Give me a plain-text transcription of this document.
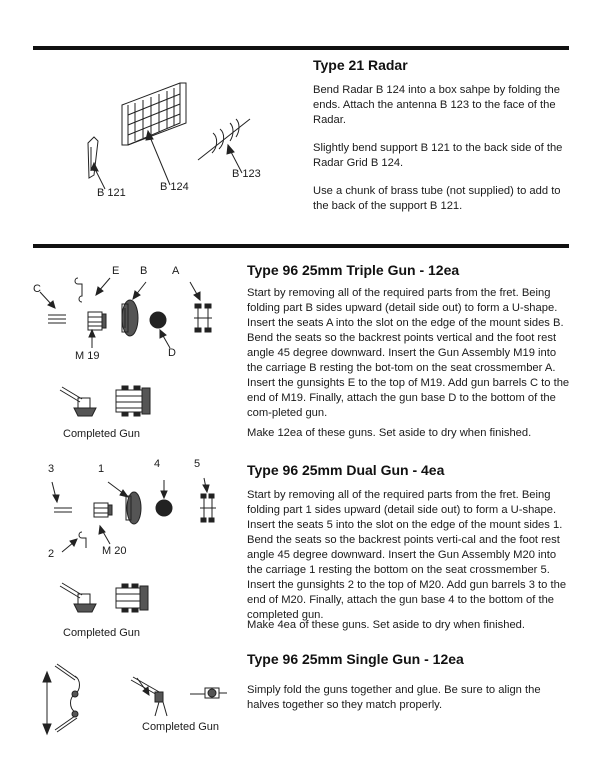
Type 21 Radar

Bend Radar B 124 into a box sahpe by folding the ends. Attach the antenna B 123 to the face of the Radar.

Slightly bend support B 121 to the back side of the Radar Grid B 124.

Use a chunk of brass tube (not supplied) to add to the back of the support B 121.

B 121	B 124
B 123
Type 96 25mm Triple Gun - 12ea

Start by removing all of the required parts from the fret. Being folding part B sides upward (detail side out) to form a U-shape. Insert the seats A into the slot on the edge of the mount sides B. Bend the seats so the backrest points vertical and the foot rest angle 45 degree downward. Insert the Gun Assembly M19 into the carriage B resting the bot-tom on the seat crossmember A. Insert the gunsights E to the top of M19. Add gun barrels C to the end of M19. Finally, attach the gun base D to the bottom of the com-pleted gun.

Make 12ea of these guns. Set aside to dry when finished.

C
E B A
M 19	D
Completed Gun
Type 96 25mm Dual Gun - 4ea

Start by removing all of the required parts from the fret. Being folding part 1 sides upward (detail side out) to form a U-shape. Insert the seats 5 into the slot on the edge of the mount sides 1. Bend the seats so the backrest points verti-cal and the foot rest angle 45 degree downward. Insert the Gun Assembly M20 into the carriage 1 resting the bottom on the seat crossmember 5. Insert the gunsights 2 to the top of M20. Add gun barrels 3 to the end of M20. Finally, attach the gun base 4 to the bottom of the completed gun.

Make 4ea of these guns. Set aside to dry when finished.

3	1	4	5
2	M 20
Completed Gun
Type 96 25mm Single Gun - 12ea

Simply fold the guns together and glue. Be sure to align the halves together so they match properly.

Completed Gun
